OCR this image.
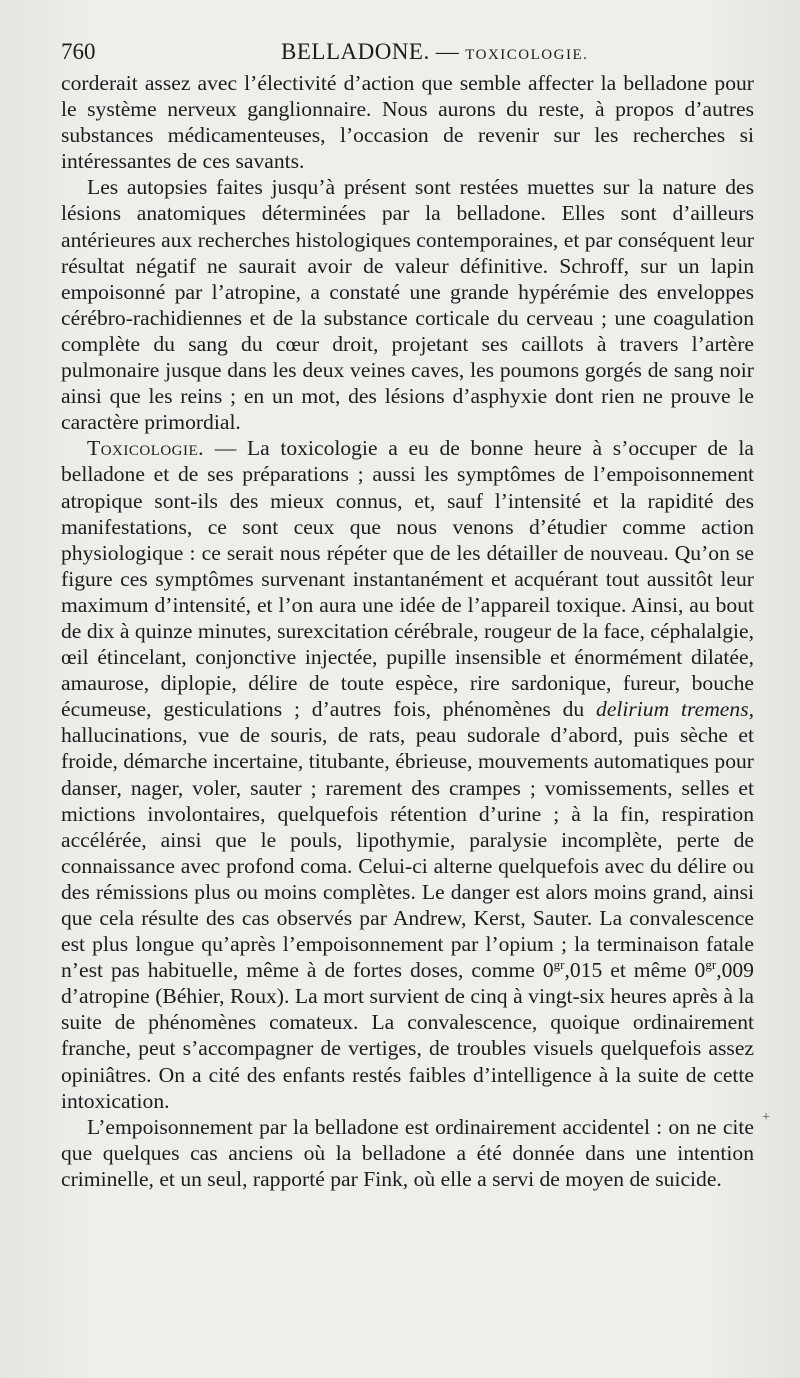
760	BELLADONE. — TOXICOLOGIE.

corderait assez avec l’électivité d’action que semble affecter la belladone pour le système nerveux ganglionnaire. Nous aurons du reste, à propos d’autres substances médicamenteuses, l’occasion de revenir sur les recherches si intéressantes de ces savants.

Les autopsies faites jusqu’à présent sont restées muettes sur la nature des lésions anatomiques déterminées par la belladone. Elles sont d’ailleurs antérieures aux recherches histologiques contemporaines, et par conséquent leur résultat négatif ne saurait avoir de valeur définitive. Schroff, sur un lapin empoisonné par l’atropine, a constaté une grande hypérémie des enveloppes cérébro-rachidiennes et de la substance corticale du cerveau ; une coagulation complète du sang du cœur droit, projetant ses caillots à travers l’artère pulmonaire jusque dans les deux veines caves, les poumons gorgés de sang noir ainsi que les reins ; en un mot, des lésions d’asphyxie dont rien ne prouve le caractère primordial.

Toxicologie. — La toxicologie a eu de bonne heure à s’occuper de la belladone et de ses préparations ; aussi les symptômes de l’empoisonnement atropique sont-ils des mieux connus, et, sauf l’intensité et la rapidité des manifestations, ce sont ceux que nous venons d’étudier comme action physiologique : ce serait nous répéter que de les détailler de nouveau. Qu’on se figure ces symptômes survenant instantanément et acquérant tout aussitôt leur maximum d’intensité, et l’on aura une idée de l’appareil toxique. Ainsi, au bout de dix à quinze minutes, surexcitation cérébrale, rougeur de la face, céphalalgie, œil étincelant, conjonctive injectée, pupille insensible et énormément dilatée, amaurose, diplopie, délire de toute espèce, rire sardonique, fureur, bouche écumeuse, gesticulations ; d’autres fois, phénomènes du delirium tremens, hallucinations, vue de souris, de rats, peau sudorale d’abord, puis sèche et froide, démarche incertaine, titubante, ébrieuse, mouvements automatiques pour danser, nager, voler, sauter ; rarement des crampes ; vomissements, selles et mictions involontaires, quelquefois rétention d’urine ; à la fin, respiration accélérée, ainsi que le pouls, lipothymie, paralysie incomplète, perte de connaissance avec profond coma. Celui-ci alterne quelquefois avec du délire ou des rémissions plus ou moins complètes. Le danger est alors moins grand, ainsi que cela résulte des cas observés par Andrew, Kerst, Sauter. La convalescence est plus longue qu’après l’empoisonnement par l’opium ; la terminaison fatale n’est pas habituelle, même à de fortes doses, comme $0^{gr},015$ et même $0^{gr},009$ d’atropine (Béhier, Roux). La mort survient de cinq à vingt-six heures après à la suite de phénomènes comateux. La convalescence, quoique ordinairement franche, peut s’accompagner de vertiges, de troubles visuels quelquefois assez opiniâtres. On a cité des enfants restés faibles d’intelligence à la suite de cette intoxication.

L’empoisonnement par la belladone est ordinairement accidentel : on ne cite que quelques cas anciens où la belladone a été donnée dans une intention criminelle, et un seul, rapporté par Fink, où elle a servi de moyen de suicide.

+
